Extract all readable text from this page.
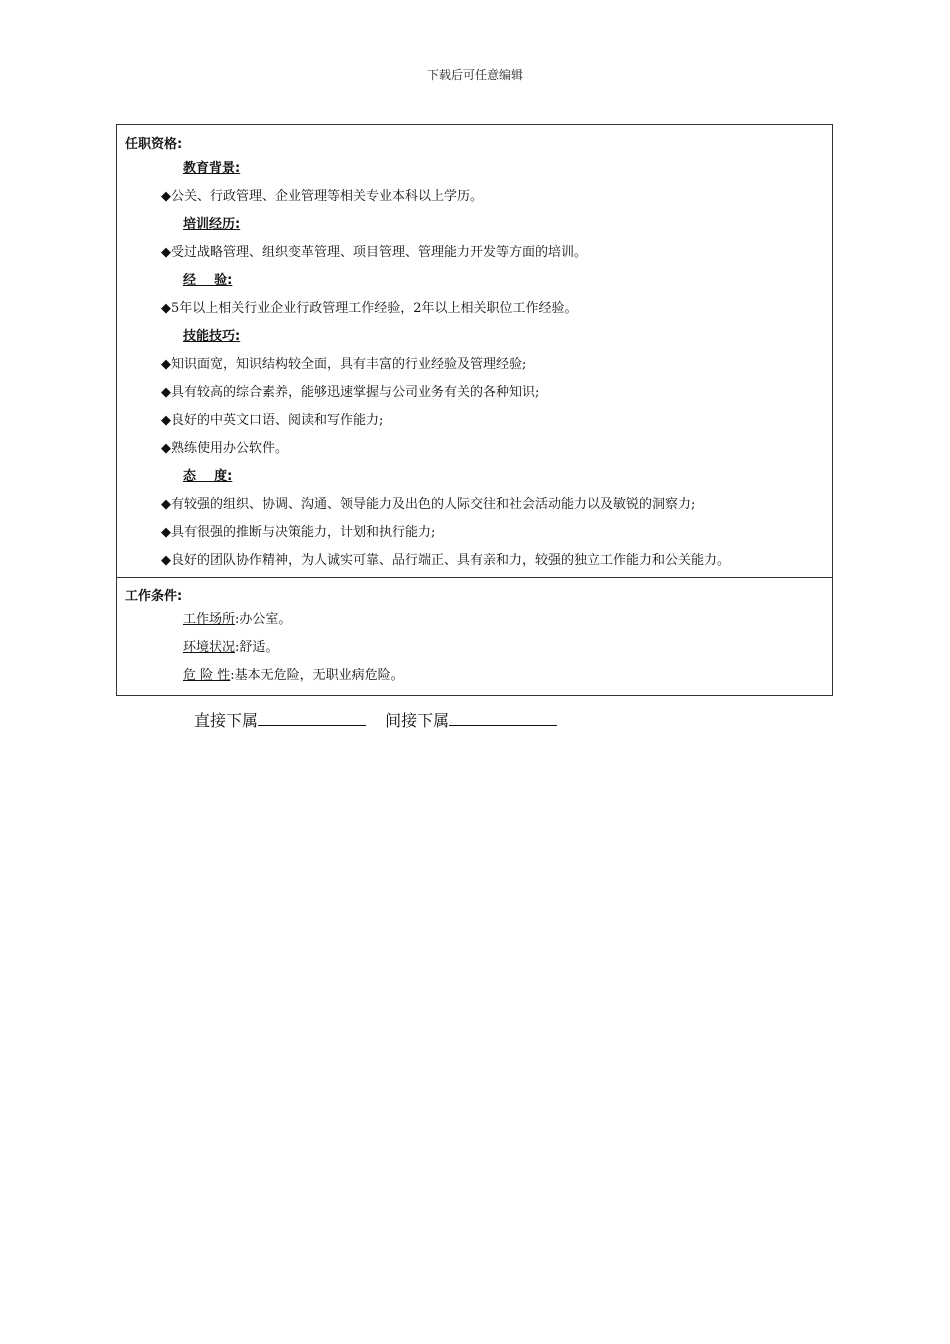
下载后可任意编辑
任职资格:
教育背景:
◆公关、行政管理、企业管理等相关专业本科以上学历。
培训经历:
◆受过战略管理、组织变革管理、项目管理、管理能力开发等方面的培训。
经    验:
◆5年以上相关行业企业行政管理工作经验，2年以上相关职位工作经验。
技能技巧:
◆知识面宽，知识结构较全面，具有丰富的行业经验及管理经验;
◆具有较高的综合素养，能够迅速掌握与公司业务有关的各种知识;
◆良好的中英文口语、阅读和写作能力;
◆熟练使用办公软件。
态    度:
◆有较强的组织、协调、沟通、领导能力及出色的人际交往和社会活动能力以及敏锐的洞察力;
◆具有很强的推断与决策能力，计划和执行能力;
◆良好的团队协作精神，为人诚实可靠、品行端正、具有亲和力，较强的独立工作能力和公关能力。
工作条件:
工作场所:办公室。
环境状况:舒适。
危 险 性:基本无危险，无职业病危险。
直接下属	间接下属
